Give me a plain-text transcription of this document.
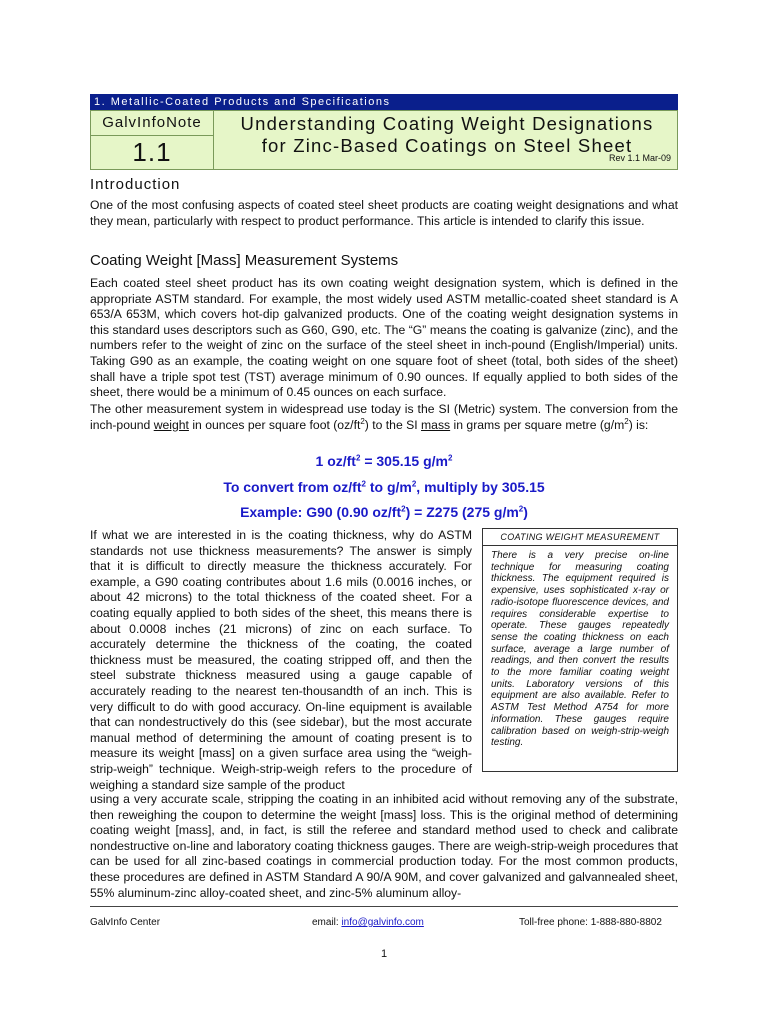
1. Metallic-Coated Products and Specifications
GalvInfoNote
1.1
Understanding Coating Weight Designations
for Zinc-Based Coatings on Steel Sheet
Rev 1.1 Mar-09
Introduction

One of the most confusing aspects of coated steel sheet products are coating weight designations and what they mean, particularly with respect to product performance. This article is intended to clarify this issue.

Coating Weight [Mass] Measurement Systems

Each coated steel sheet product has its own coating weight designation system, which is defined in the appropriate ASTM standard. For example, the most widely used ASTM metallic-coated sheet standard is A 653/A 653M, which covers hot-dip galvanized products. One of the coating weight designation systems in this standard uses descriptors such as G60, G90, etc. The “G” means the coating is galvanize (zinc), and the numbers refer to the weight of zinc on the surface of the steel sheet in inch-pound (English/Imperial) units. Taking G90 as an example, the coating weight on one square foot of sheet (total, both sides of the sheet) shall have a triple spot test (TST) average minimum of 0.90 ounces. If equally applied to both sides of the sheet, there would be a minimum of 0.45 ounces on each surface.

The other measurement system in widespread use today is the SI (Metric) system. The conversion from the inch-pound weight in ounces per square foot $(oz/ft^2)$ to the SI mass in grams per square metre $(g/m^2)$ is:

1 $oz/ft^2 = 305.15$ $g/m^2$

To convert from $oz/ft^2$ to $g/m^2$, multiply by 305.15

Example: G90 (0.90 $oz/ft^2) = Z275$ (275 $g/m^2$)

If what we are interested in is the coating thickness, why do ASTM standards not use thickness measurements? The answer is simply that it is difficult to directly measure the thickness accurately. For example, a G90 coating contributes about 1.6 mils (0.0016 inches, or about 42 microns) to the total thickness of the coated sheet. For a coating equally applied to both sides of the sheet, this means there is about 0.0008 inches (21 microns) of zinc on each surface. To accurately determine the thickness of the coating, the coated thickness must be measured, the coating stripped off, and then the steel substrate thickness measured using a gauge capable of accurately reading to the nearest ten-thousandth of an inch. This is very difficult to do with good accuracy. On-line equipment is available that can nondestructively do this (see sidebar), but the most accurate manual method of determining the amount of coating present is to measure its weight [mass] on a given surface area using the “weigh-strip-weigh” technique. Weigh-strip-weigh refers to the procedure of weighing a standard size sample of the product

COATING WEIGHT MEASUREMENT

There is a very precise on-line technique for measuring coating thickness. The equipment required is expensive, uses sophisticated x-ray or radio-isotope fluorescence devices, and requires considerable expertise to operate. These gauges repeatedly sense the coating thickness on each surface, average a large number of readings, and then convert the results to the more familiar coating weight units. Laboratory versions of this equipment are also available. Refer to ASTM Test Method A754 for more information. These gauges require calibration based on weigh-strip-weigh testing.

using a very accurate scale, stripping the coating in an inhibited acid without removing any of the substrate, then reweighing the coupon to determine the weight [mass] loss. This is the original method of determining coating weight [mass], and, in fact, is still the referee and standard method used to check and calibrate nondestructive on-line and laboratory coating thickness gauges. There are weigh-strip-weigh procedures that can be used for all zinc-based coatings in commercial production today. For the most common products, these procedures are defined in ASTM Standard A 90/A 90M, and cover galvanized and galvannealed sheet, 55% aluminum-zinc alloy-coated sheet, and zinc-5% aluminum alloy-

GalvInfo Center	email: info@galvinfo.com	Toll-free phone: 1-888-880-8802
1
